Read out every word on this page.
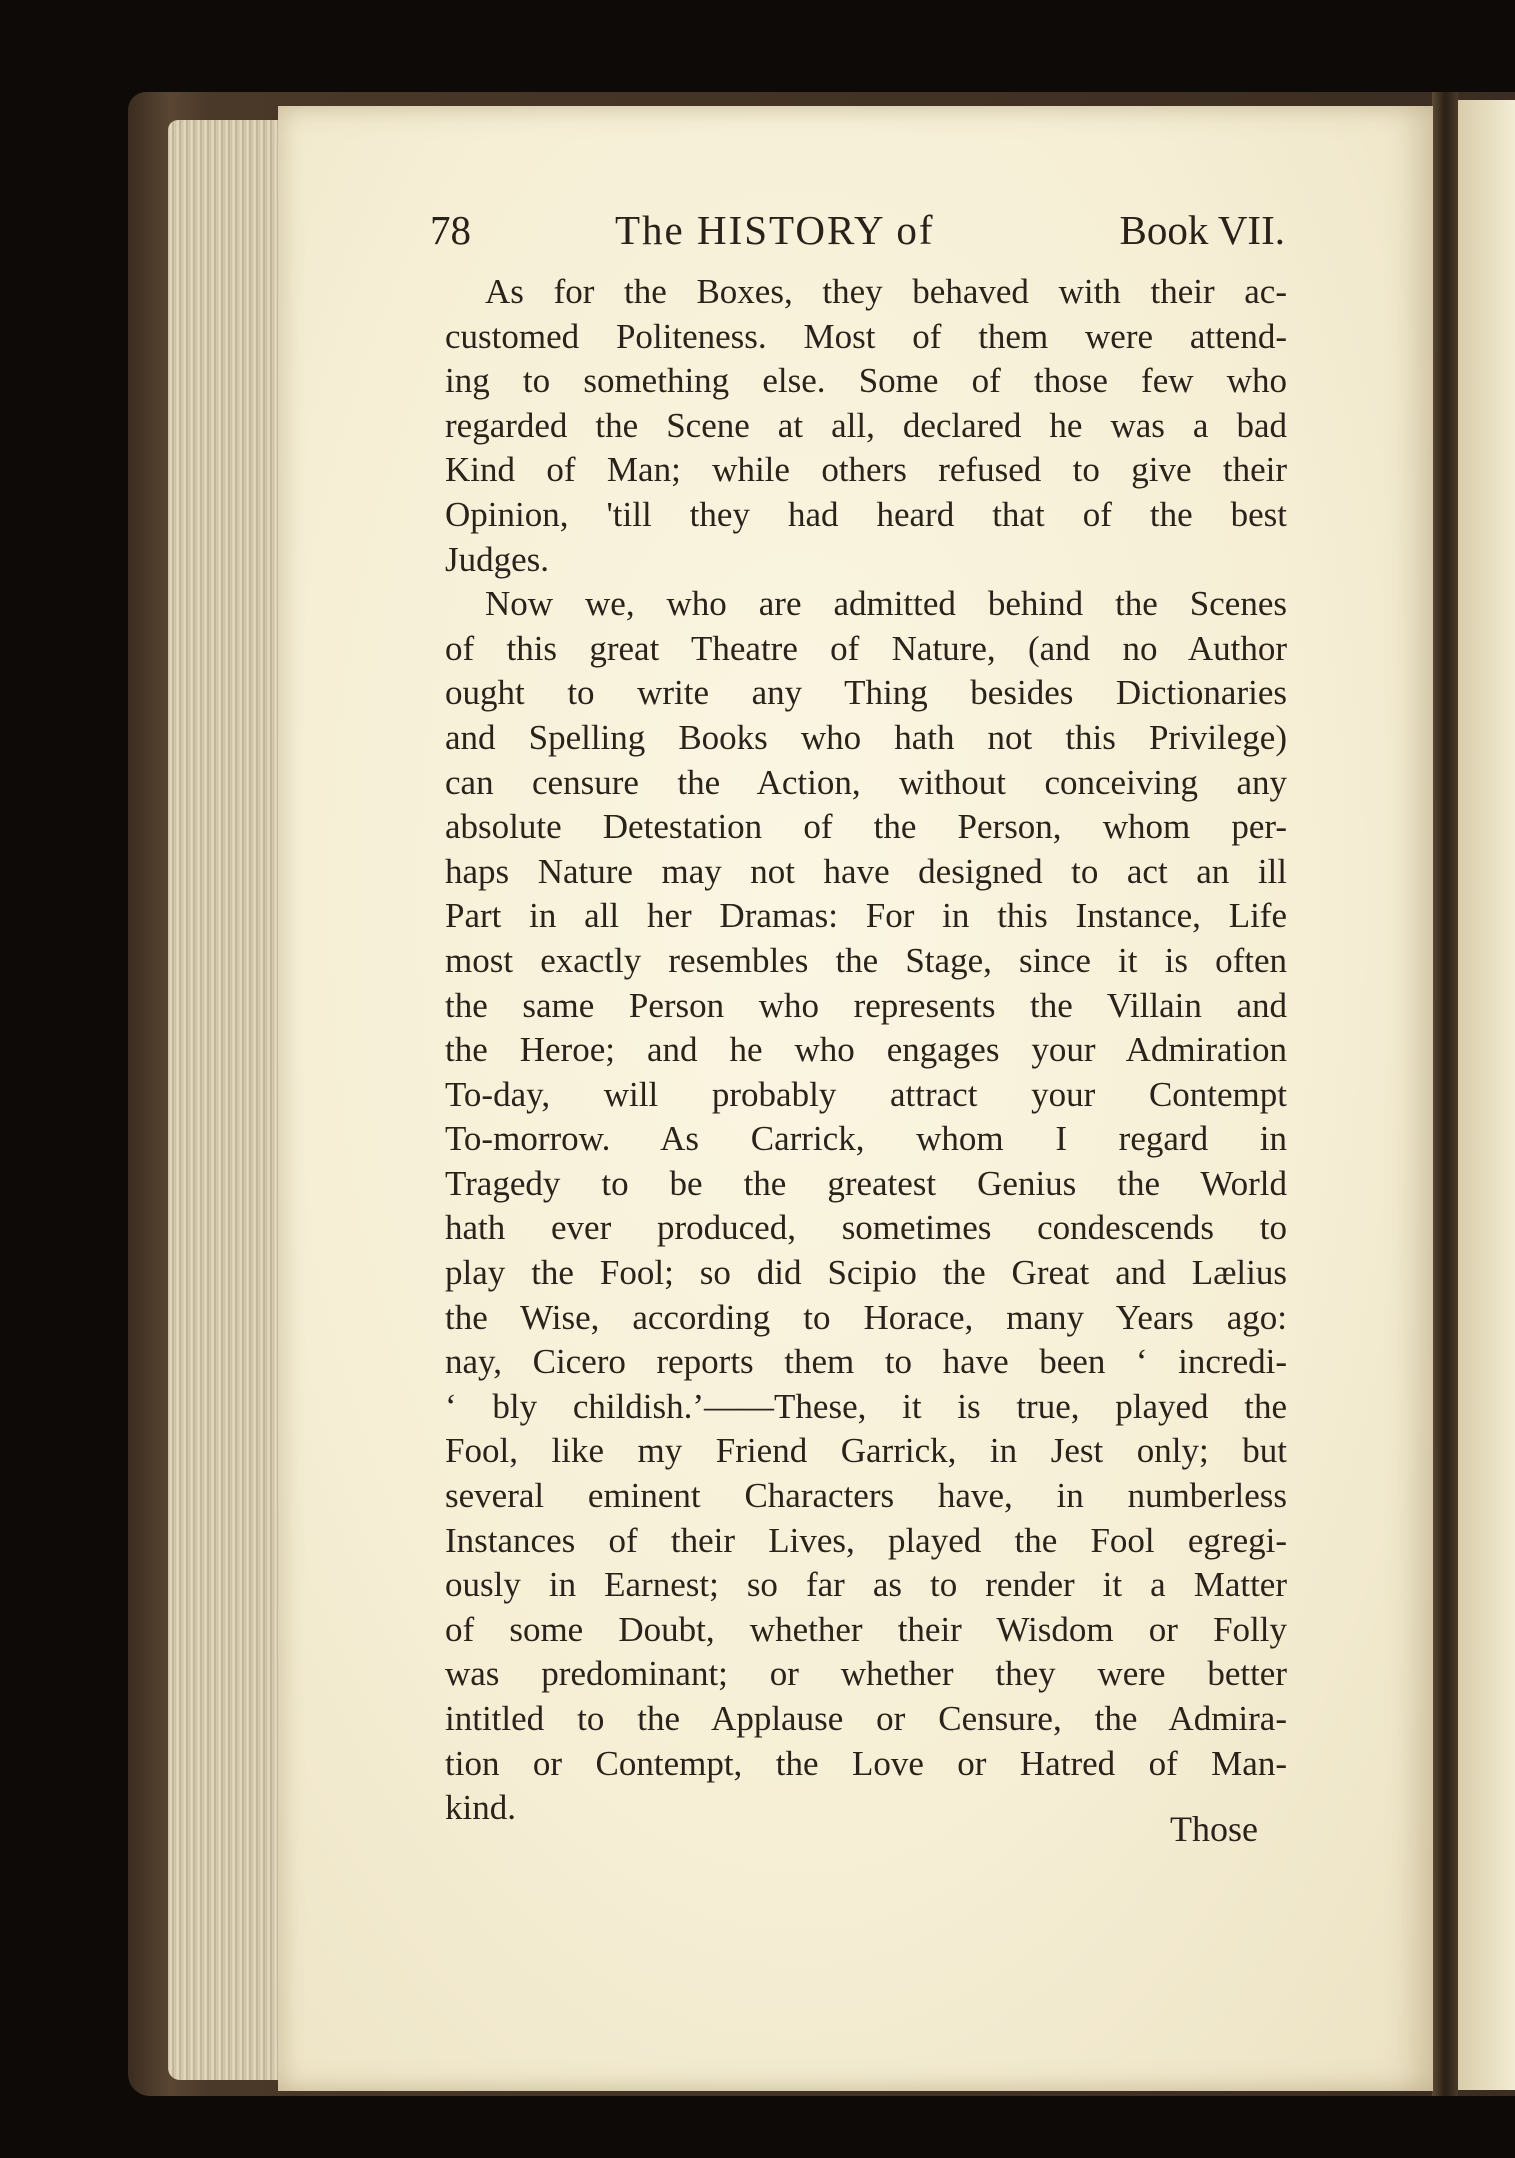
78	The HISTORY of	Book VII.
As for the Boxes, they behaved with their ac-
customed Politeness. Most of them were attend-
ing to something else. Some of those few who
regarded the Scene at all, declared he was a bad
Kind of Man; while others refused to give their
Opinion, 'till they had heard that of the best
Judges.
Now we, who are admitted behind the Scenes
of this great Theatre of Nature, (and no Author
ought to write any Thing besides Dictionaries
and Spelling Books who hath not this Privilege)
can censure the Action, without conceiving any
absolute Detestation of the Person, whom per-
haps Nature may not have designed to act an ill
Part in all her Dramas: For in this Instance, Life
most exactly resembles the Stage, since it is often
the same Person who represents the Villain and
the Heroe; and he who engages your Admiration
To-day, will probably attract your Contempt
To-morrow. As Carrick, whom I regard in
Tragedy to be the greatest Genius the World
hath ever produced, sometimes condescends to
play the Fool; so did Scipio the Great and Lælius
the Wise, according to Horace, many Years ago:
nay, Cicero reports them to have been ‘ incredi-
‘ bly childish.’——These, it is true, played the
Fool, like my Friend Garrick, in Jest only; but
several eminent Characters have, in numberless
Instances of their Lives, played the Fool egregi-
ously in Earnest; so far as to render it a Matter
of some Doubt, whether their Wisdom or Folly
was predominant; or whether they were better
intitled to the Applause or Censure, the Admira-
tion or Contempt, the Love or Hatred of Man-
kind.
Those
